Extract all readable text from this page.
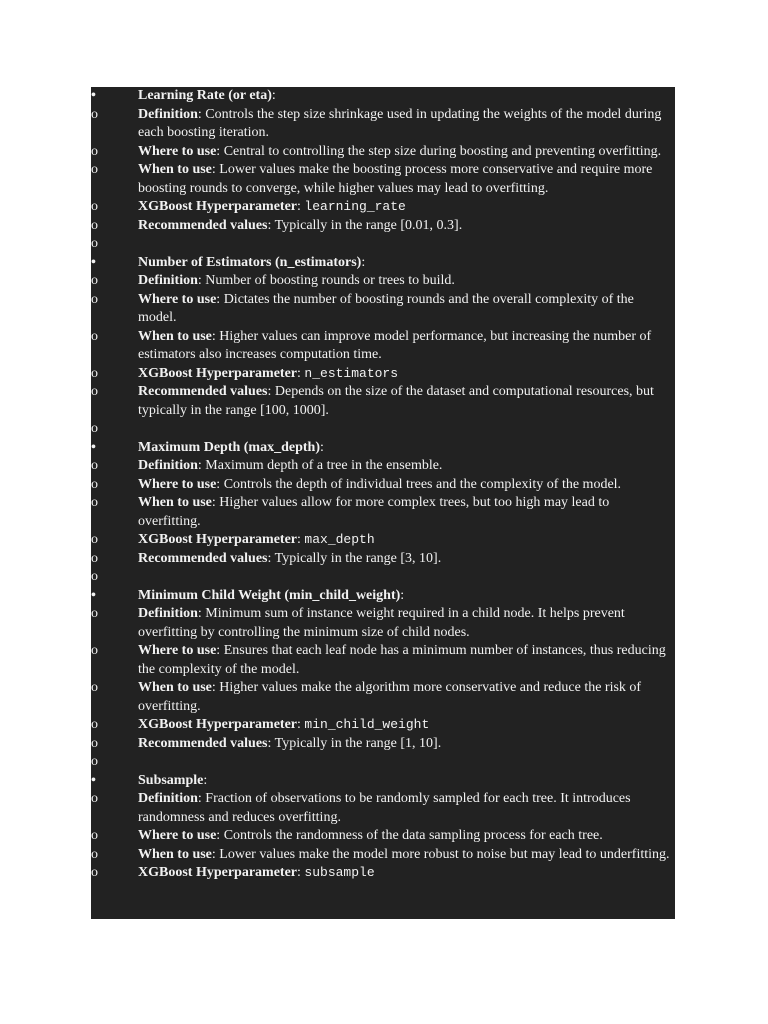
•	Learning Rate (or eta):

o	Definition: Controls the step size shrinkage used in updating the weights of the model during each boosting iteration.

o	Where to use: Central to controlling the step size during boosting and preventing overfitting.

o	When to use: Lower values make the boosting process more conservative and require more boosting rounds to converge, while higher values may lead to overfitting.

o	XGBoost Hyperparameter: learning_rate

o	Recommended values: Typically in the range [0.01, 0.3].

o

•	Number of Estimators (n_estimators):

o	Definition: Number of boosting rounds or trees to build.

o	Where to use: Dictates the number of boosting rounds and the overall complexity of the model.

o	When to use: Higher values can improve model performance, but increasing the number of estimators also increases computation time.

o	XGBoost Hyperparameter: n_estimators

o	Recommended values: Depends on the size of the dataset and computational resources, but typically in the range [100, 1000].

o

•	Maximum Depth (max_depth):

o	Definition: Maximum depth of a tree in the ensemble.

o	Where to use: Controls the depth of individual trees and the complexity of the model.

o	When to use: Higher values allow for more complex trees, but too high may lead to overfitting.

o	XGBoost Hyperparameter: max_depth

o	Recommended values: Typically in the range [3, 10].

o

•	Minimum Child Weight (min_child_weight):

o	Definition: Minimum sum of instance weight required in a child node. It helps prevent overfitting by controlling the minimum size of child nodes.

o	Where to use: Ensures that each leaf node has a minimum number of instances, thus reducing the complexity of the model.

o	When to use: Higher values make the algorithm more conservative and reduce the risk of overfitting.

o	XGBoost Hyperparameter: min_child_weight

o	Recommended values: Typically in the range [1, 10].

o

•	Subsample:

o	Definition: Fraction of observations to be randomly sampled for each tree. It introduces randomness and reduces overfitting.

o	Where to use: Controls the randomness of the data sampling process for each tree.

o	When to use: Lower values make the model more robust to noise but may lead to underfitting.

o	XGBoost Hyperparameter: subsample
